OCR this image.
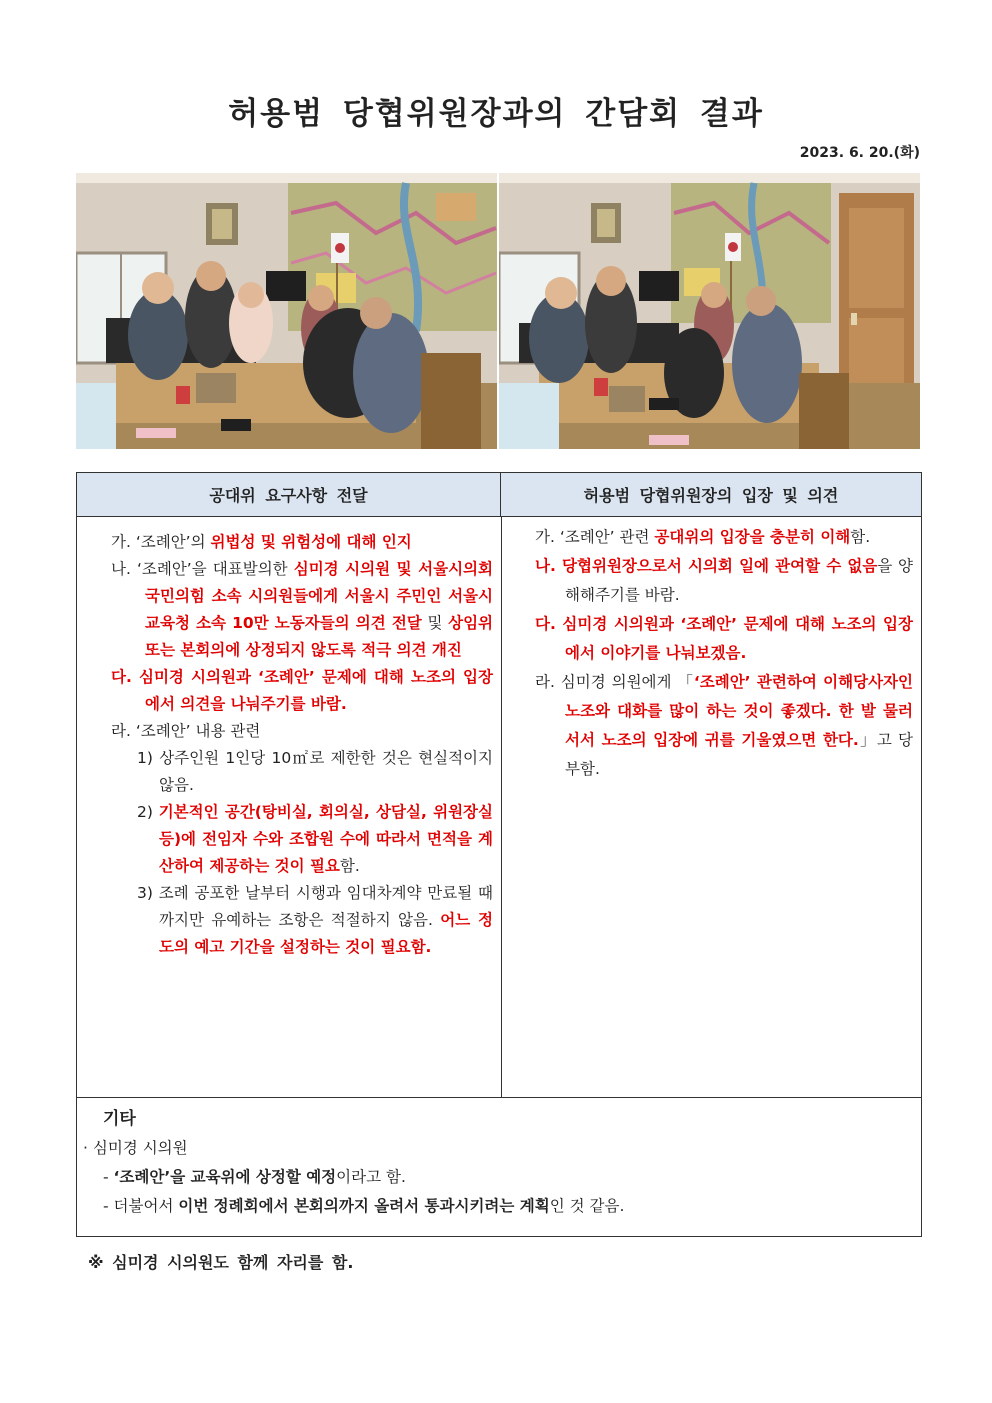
허용범 당협위원장과의 간담회 결과
2023. 6. 20.(화)
공대위 요구사항 전달	허용범 당협위원장의 입장 및 의견

가. ‘조례안’의 위법성 및 위험성에 대해 인지

나. ‘조례안’을 대표발의한 심미경 시의원 및 서울시의회 국민의힘 소속 시의원들에게 서울시 주민인 서울시교육청 소속 10만 노동자들의 의견 전달 및 상임위 또는 본회의에 상정되지 않도록 적극 의견 개진

다. 심미경 시의원과 ‘조례안’ 문제에 대해 노조의 입장에서 의견을 나눠주기를 바람.

라. ‘조례안’ 내용 관련

1) 상주인원 1인당 10㎡로 제한한 것은 현실적이지 않음.

2) 기본적인 공간(탕비실, 회의실, 상담실, 위원장실 등)에 전임자 수와 조합원 수에 따라서 면적을 계산하여 제공하는 것이 필요함.

3) 조례 공포한 날부터 시행과 임대차계약 만료될 때까지만 유예하는 조항은 적절하지 않음. 어느 정도의 예고 기간을 설정하는 것이 필요함.

가. ‘조례안’ 관련 공대위의 입장을 충분히 이해함.

나. 당협위원장으로서 시의회 일에 관여할 수 없음을 양해해주기를 바람.

다. 심미경 시의원과 ‘조례안’ 문제에 대해 노조의 입장에서 이야기를 나눠보겠음.

라. 심미경 의원에게 「‘조례안’ 관련하여 이해당사자인 노조와 대화를 많이 하는 것이 좋겠다. 한 발 물러서서 노조의 입장에 귀를 기울였으면 한다.」고 당부함.

기타
· 심미경 시의원
- ‘조례안’을 교육위에 상정할 예정이라고 함.
- 더불어서 이번 정례회에서 본회의까지 올려서 통과시키려는 계획인 것 같음.
※ 심미경 시의원도 함께 자리를 함.
